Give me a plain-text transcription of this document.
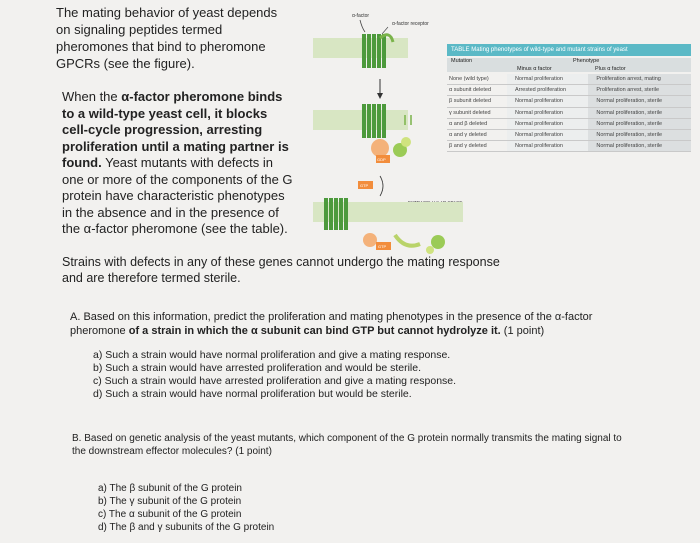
The mating behavior of yeast depends on signaling peptides termed pheromones that bind to pheromone GPCRs (see the figure).
When the α-factor pheromone binds to a wild-type yeast cell, it blocks cell-cycle progression, arresting proliferation until a mating partner is found. Yeast mutants with defects in one or more of the components of the G protein have characteristic phenotypes in the absence and in the presence of the α-factor pheromone (see the table).
α-factor
α-factor receptor
GDP
GTP
GTP
TABLE Mating phenotypes of wild-type and mutant strains of yeast
Mutation	Phenotype
Minus α factor	Plus α factor
None (wild type)	Normal proliferation	Proliferation arrest, mating
α subunit deleted	Arrested proliferation	Proliferation arrest, sterile
β subunit deleted	Normal proliferation	Normal proliferation, sterile
γ subunit deleted	Normal proliferation	Normal proliferation, sterile
α and β deleted	Normal proliferation	Normal proliferation, sterile
α and γ deleted	Normal proliferation	Normal proliferation, sterile
β and γ deleted	Normal proliferation	Normal proliferation, sterile
Strains with defects in any of these genes cannot undergo the mating response and are therefore termed sterile.
A. Based on this information, predict the proliferation and mating phenotypes in the presence of the α-factor pheromone of a strain in which the α subunit can bind GTP but cannot hydrolyze it. (1 point)
a) Such a strain would have normal proliferation and give a mating response.
b) Such a strain would have arrested proliferation and would be sterile.
c) Such a strain would have arrested proliferation and give a mating response.
d) Such a strain would have normal proliferation but would be sterile.
B. Based on genetic analysis of the yeast mutants, which component of the G protein normally transmits the mating signal to the downstream effector molecules? (1 point)
a) The β subunit of the G protein
b) The γ subunit of the G protein
c) The α subunit of the G protein
d) The β and γ subunits of the G protein
